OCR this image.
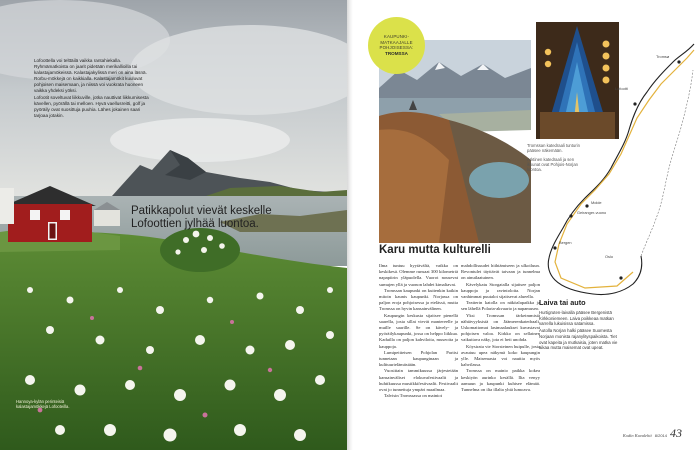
Lofoottella voi telttäilä vaikka rantahiekalla. Ryhmämatkoista on jaarit pidetään merikallioilla tai kalastajamökeissä. Kalastajakylissä meri on aina läsnä.

Rorbu-mökkejä on kaikkialla. Kalastajamökit kuuluvat pohjoisen maisemaan, ja niissä voi vuokrata huoneen vaikka yhdeksi yöksi.

Lofootit soveltuvat liikkuville, jotka nauttivat liikkumisesta kävellen, pyörällä tai melloen. Hyvä vaellusreitti, golf ja pyöräily ovat suosittuja puuhia. Lähes jokainen saari tarjoaa jotakin.

Patikkapolut vievät keskelle Lofoottien jylhää luontoa.
Hannoya-kylän perinteisiä kalastajamökkejä Lofooteilla.
KAUPUNKI-
MATKAAJALLE
POHJOISESSA:
TROMSSA

Tromssan katedraali tunturin pääsee näkemään.

Arktinen katedraali ja sen ikkunat ovat Pohjois-Norjan luontoa.

Tromsø
Lofootit
Molde
Geiranger-vuono
Bergen
Oslo
Karu mutta kulturelli

Ilma tuntuu hyytävältä, vaikka on keskikesä. Olemme runsaat 300 kilometriä napapiirin yläpuolella. Vuorot nousevat sumujen yllä ja vuonon lahdet kimaltavat.

Tromssan kaupunki on kuitenkin kaikin mitoin kaunis kaupunki. Norjassa on paljon eroja pohjoisessa ja etelässä, mutta Tromssa on hyvin kansainvälinen.

Kaupungin keskusta sijaitsee pienellä saarella, josta sillat vievät mantereelle ja muille saarille. Se on kävely- ja pyöräilykaupunki, jossa on helppo liikkua. Kaduilla on paljon kahviloita, museoita ja kauppoja.

Lumipeitteisen Pohjolan Pariisi tunnetaan kaupunginaan ja kulttuurielämästään.

Vuosittain tammikuussa järjestetään kansainväliset elokuvafestivaalit ja huhtikuussa musiikkifestivaalit. Festivaalit ovat jo tunnettuja ympäri maailmaa.

Talvisin Tromssassa on mainiot

mahdollisuudet hiihtämiseen ja ulkoiluun. Revontulet täyttävät taivaan ja tunnelma on ainutlaatuinen.

Kävelykatu Storgatalla sijaitsee paljon kauppoja ja ravintoloita. Norjan vanhimmat puutalot sijaitsevat alueella.

Teatterin katolla on näköalapaikka ja sen lähellä Polaria-akvaario ja napamuseo.

Yksi Tromssan tärkeimmistä nähtävyyksistä on Jäämerenkatedraali. Uskomattomat lasimaalaukset kuvastavat pohjoisen valoa. Kirkko on sellainen vaikuttava näky, jota ei heti unohda.

Köysirata vie Storsteinen huipulle, josta avautuu upea näkymä koko kaupungin ylle. Maisemasta voi nauttia myös kahvilassa.

Tromssa on mainio paikka kokea keskiyön aurinko kesällä. Ilta venyy aamuun ja kaupunki kuhisee elämää. Tunnelma on ilta illalta yhtä lumoava.

Laiva tai auto

Hurtigruten-laivalla pääsee Bergenistä Kirkkoniemeen. Laiva poikkeaa matkan varrella lukuisissa satamissa.

Autolla Norjan halki pääsee Suomesta Norjaan monista rajanylityspaikoista. Tiet ovat kapeita ja mutkaisia, joten matka vie aikaa mutta maisemat ovat upeat.

Kodin Kuvalehti 8/2014 43
